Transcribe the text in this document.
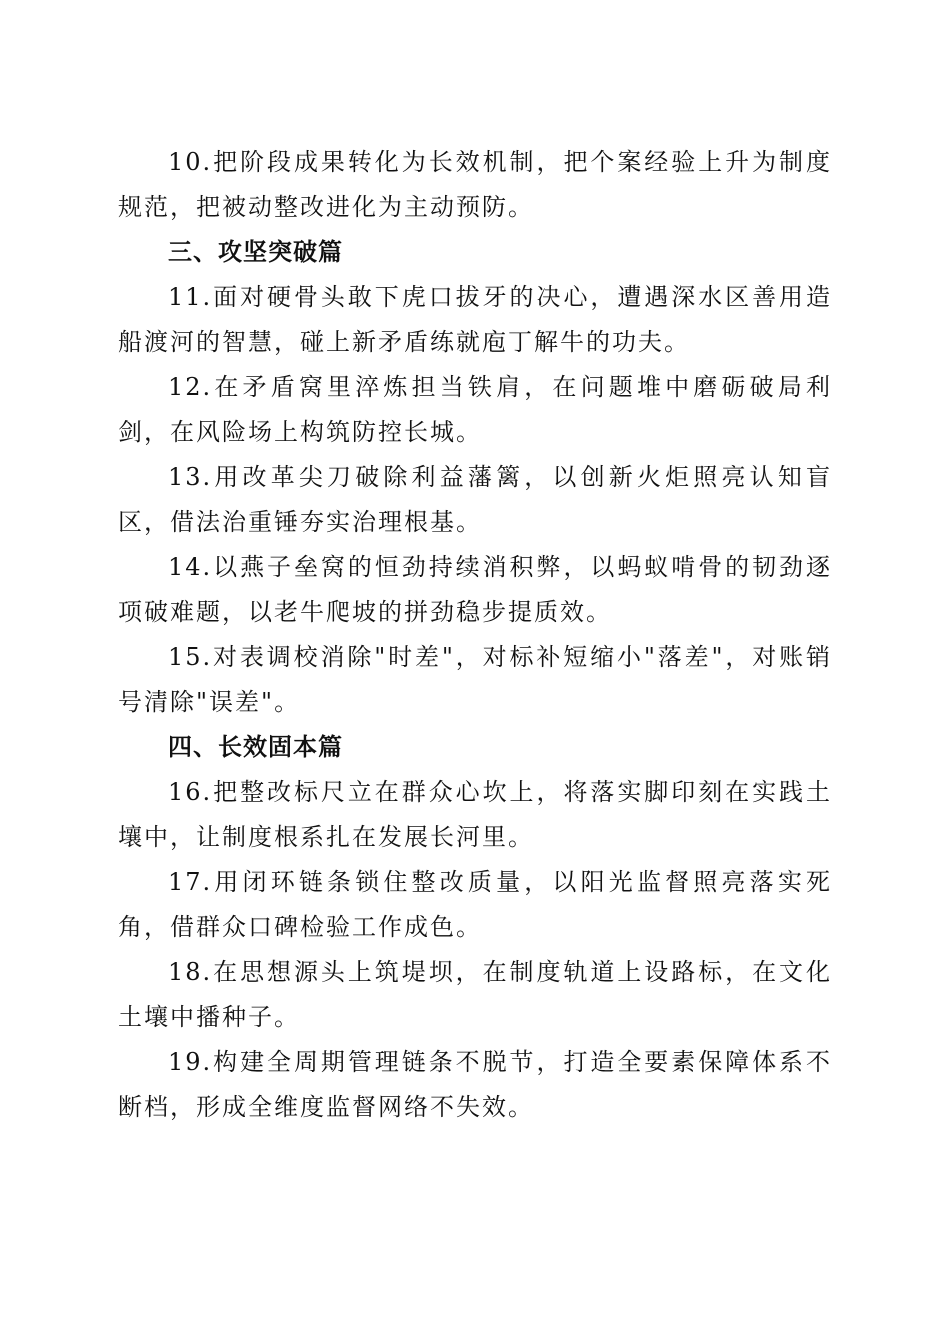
10.把阶段成果转化为长效机制，把个案经验上升为制度规范，把被动整改进化为主动预防。

三、攻坚突破篇

11.面对硬骨头敢下虎口拔牙的决心，遭遇深水区善用造船渡河的智慧，碰上新矛盾练就庖丁解牛的功夫。

12.在矛盾窝里淬炼担当铁肩，在问题堆中磨砺破局利剑，在风险场上构筑防控长城。

13.用改革尖刀破除利益藩篱，以创新火炬照亮认知盲区，借法治重锤夯实治理根基。

14.以燕子垒窝的恒劲持续消积弊，以蚂蚁啃骨的韧劲逐项破难题，以老牛爬坡的拼劲稳步提质效。

15.对表调校消除"时差"，对标补短缩小"落差"，对账销号清除"误差"。

四、长效固本篇

16.把整改标尺立在群众心坎上，将落实脚印刻在实践土壤中，让制度根系扎在发展长河里。

17.用闭环链条锁住整改质量，以阳光监督照亮落实死角，借群众口碑检验工作成色。

18.在思想源头上筑堤坝，在制度轨道上设路标，在文化土壤中播种子。

19.构建全周期管理链条不脱节，打造全要素保障体系不断档，形成全维度监督网络不失效。
